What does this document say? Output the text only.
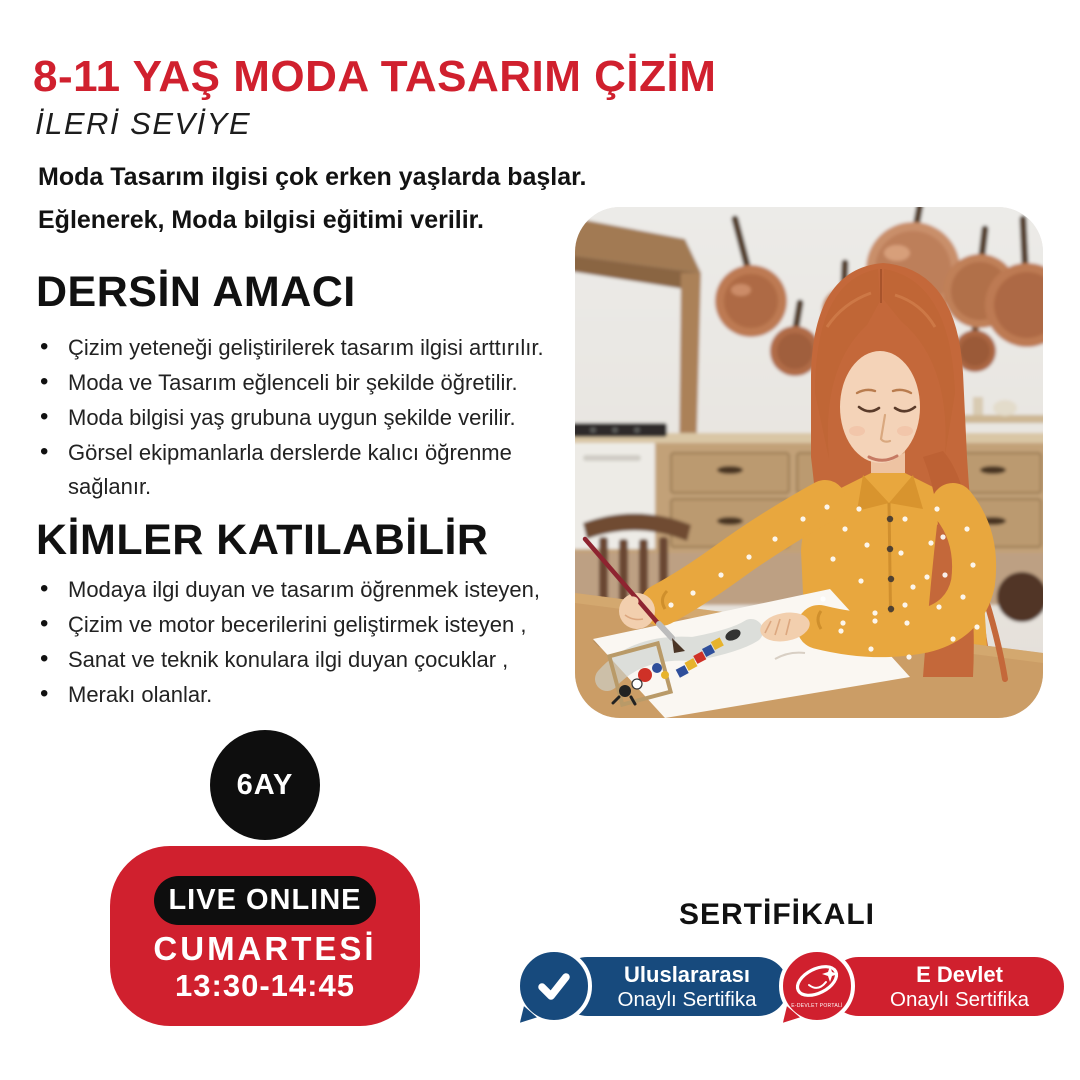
8-11 YAŞ MODA TASARIM ÇİZİM
İLERİ SEVİYE
Moda Tasarım ilgisi çok erken yaşlarda başlar.
Eğlenerek, Moda bilgisi eğitimi verilir.
DERSİN AMACI
• Çizim yeteneği geliştirilerek tasarım ilgisi arttırılır.
• Moda ve Tasarım eğlenceli bir şekilde öğretilir.
• Moda bilgisi yaş grubuna uygun şekilde verilir.
• Görsel ekipmanlarla derslerde kalıcı öğrenme sağlanır.
KİMLER KATILABİLİR
• Modaya ilgi duyan ve tasarım öğrenmek isteyen,
• Çizim ve motor becerilerini geliştirmek isteyen ,
• Sanat ve teknik konulara ilgi duyan çocuklar ,
• Merakı olanlar.
6AY
LIVE ONLINE
CUMARTESİ
13:30-14:45
SERTİFİKALI
Uluslararası
Onaylı Sertifika	E-DEVLET PORTALİ
E Devlet
Onaylı Sertifika
